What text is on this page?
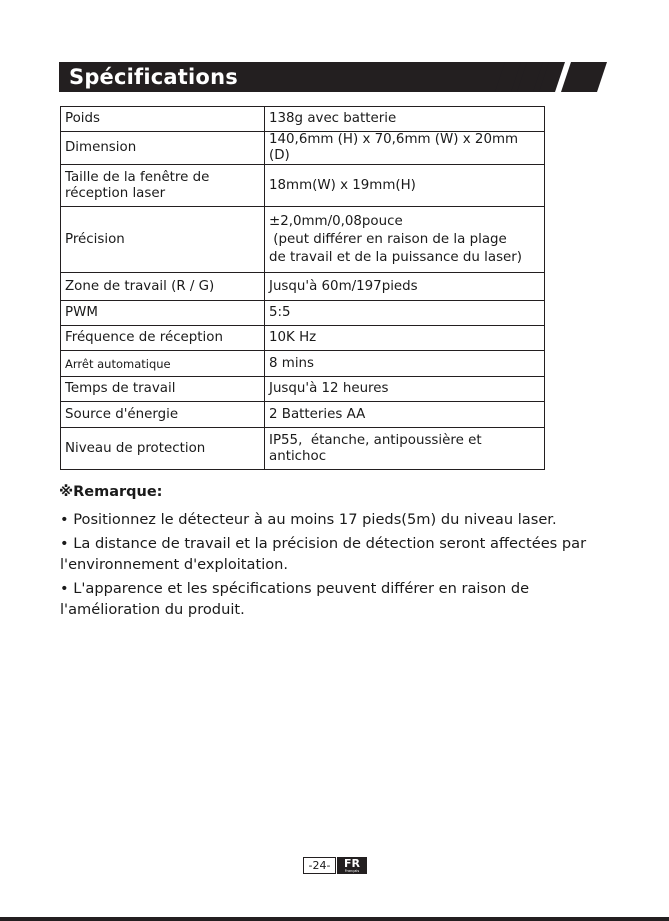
Spécifications
Poids	138g avec batterie
Dimension	140,6mm (H) x 70,6mm (W) x 20mm (D)

Taille de la fenêtre de
réception laser	18mm(W) x 19mm(H)
Précision	±2,0mm/0,08pouce
(peut différer en raison de la plage
de travail et de la puissance du laser)

Zone de travail (R / G)	Jusqu'à 60m/197pieds
PWM	5:5
Fréquence de réception	10K Hz
Arrêt automatique	8 mins
Temps de travail	Jusqu'à 12 heures
Source d'énergie	2 Batteries AA
Niveau de protection	IP55,  étanche, antipoussière et
antichoc
※Remarque:

• Positionnez le détecteur à au moins 17 pieds(5m) du niveau laser.

• La distance de travail et la précision de détection seront affectées par l'environnement d'exploitation.

• L'apparence et les spécifications peuvent différer en raison de l'amélioration du produit.

-24-	FR
Français
